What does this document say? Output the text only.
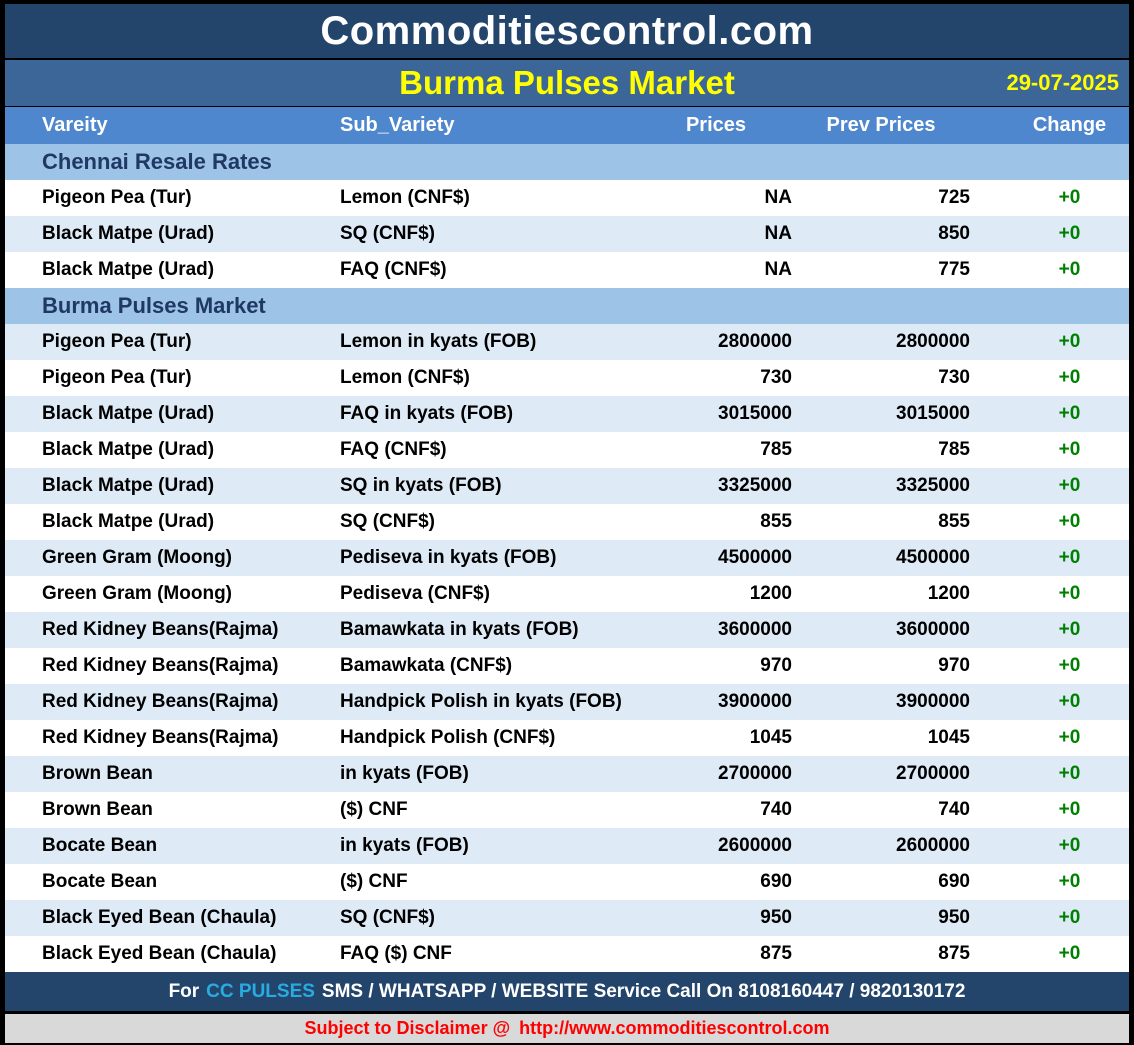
Commoditiescontrol.com
Burma Pulses Market	29-07-2025
Vareity	Sub_Variety	Prices	Prev Prices	Change
Chennai Resale Rates
Pigeon Pea (Tur)	Lemon (CNF$)	NA	725	+0
Black Matpe (Urad)	SQ (CNF$)	NA	850	+0
Black Matpe (Urad)	FAQ (CNF$)	NA	775	+0
Burma Pulses Market
Pigeon Pea (Tur)	Lemon in kyats (FOB)	2800000	2800000	+0
Pigeon Pea (Tur)	Lemon (CNF$)	730	730	+0
Black Matpe (Urad)	FAQ in kyats (FOB)	3015000	3015000	+0
Black Matpe (Urad)	FAQ (CNF$)	785	785	+0
Black Matpe (Urad)	SQ in kyats (FOB)	3325000	3325000	+0
Black Matpe (Urad)	SQ (CNF$)	855	855	+0
Green Gram (Moong)	Pediseva in kyats (FOB)	4500000	4500000	+0
Green Gram (Moong)	Pediseva (CNF$)	1200	1200	+0
Red Kidney Beans(Rajma)	Bamawkata in kyats (FOB)	3600000	3600000	+0
Red Kidney Beans(Rajma)	Bamawkata (CNF$)	970	970	+0
Red Kidney Beans(Rajma)	Handpick Polish in kyats (FOB)	3900000	3900000	+0
Red Kidney Beans(Rajma)	Handpick Polish (CNF$)	1045	1045	+0
Brown Bean	in kyats (FOB)	2700000	2700000	+0
Brown Bean	($) CNF	740	740	+0
Bocate Bean	in kyats (FOB)	2600000	2600000	+0
Bocate Bean	($) CNF	690	690	+0
Black Eyed Bean (Chaula)	SQ (CNF$)	950	950	+0
Black Eyed Bean (Chaula)	FAQ ($) CNF	875	875	+0
For CC PULSES SMS / WHATSAPP / WEBSITE Service Call On 8108160447 / 9820130172
Subject to Disclaimer @ http://www.commoditiescontrol.com
